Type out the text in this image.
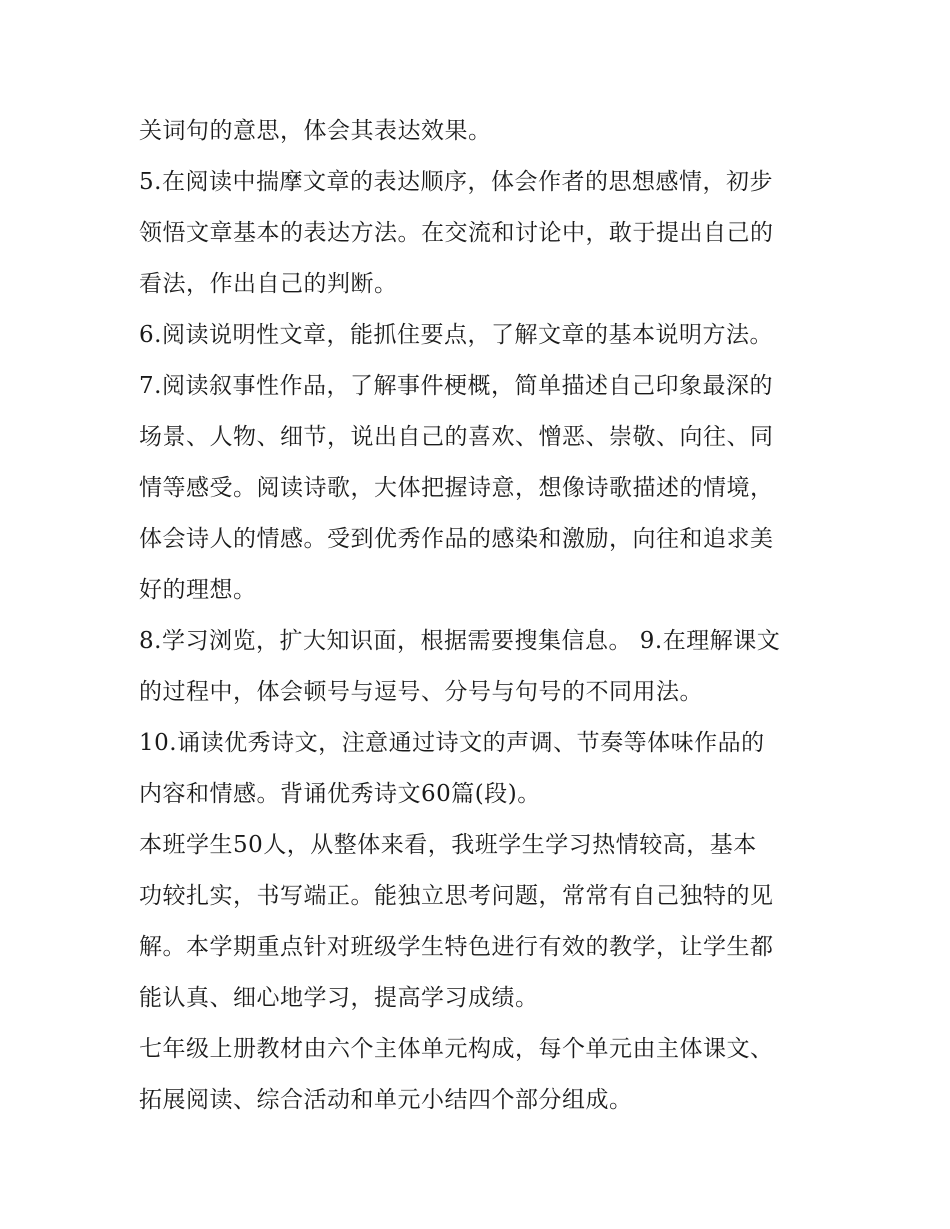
关词句的意思，体会其表达效果。
5.在阅读中揣摩文章的表达顺序，体会作者的思想感情，初步
领悟文章基本的表达方法。在交流和讨论中，敢于提出自己的
看法，作出自己的判断。
6.阅读说明性文章，能抓住要点，了解文章的基本说明方法。
7.阅读叙事性作品，了解事件梗概，简单描述自己印象最深的
场景、人物、细节，说出自己的喜欢、憎恶、崇敬、向往、同
情等感受。阅读诗歌，大体把握诗意，想像诗歌描述的情境，
体会诗人的情感。受到优秀作品的感染和激励，向往和追求美
好的理想。
8.学习浏览，扩大知识面，根据需要搜集信息。 9.在理解课文
的过程中，体会顿号与逗号、分号与句号的不同用法。
10.诵读优秀诗文，注意通过诗文的声调、节奏等体味作品的
内容和情感。背诵优秀诗文60篇(段)。
本班学生50人，从整体来看，我班学生学习热情较高，基本
功较扎实，书写端正。能独立思考问题，常常有自己独特的见
解。本学期重点针对班级学生特色进行有效的教学，让学生都
能认真、细心地学习，提高学习成绩。
七年级上册教材由六个主体单元构成，每个单元由主体课文、
拓展阅读、综合活动和单元小结四个部分组成。
